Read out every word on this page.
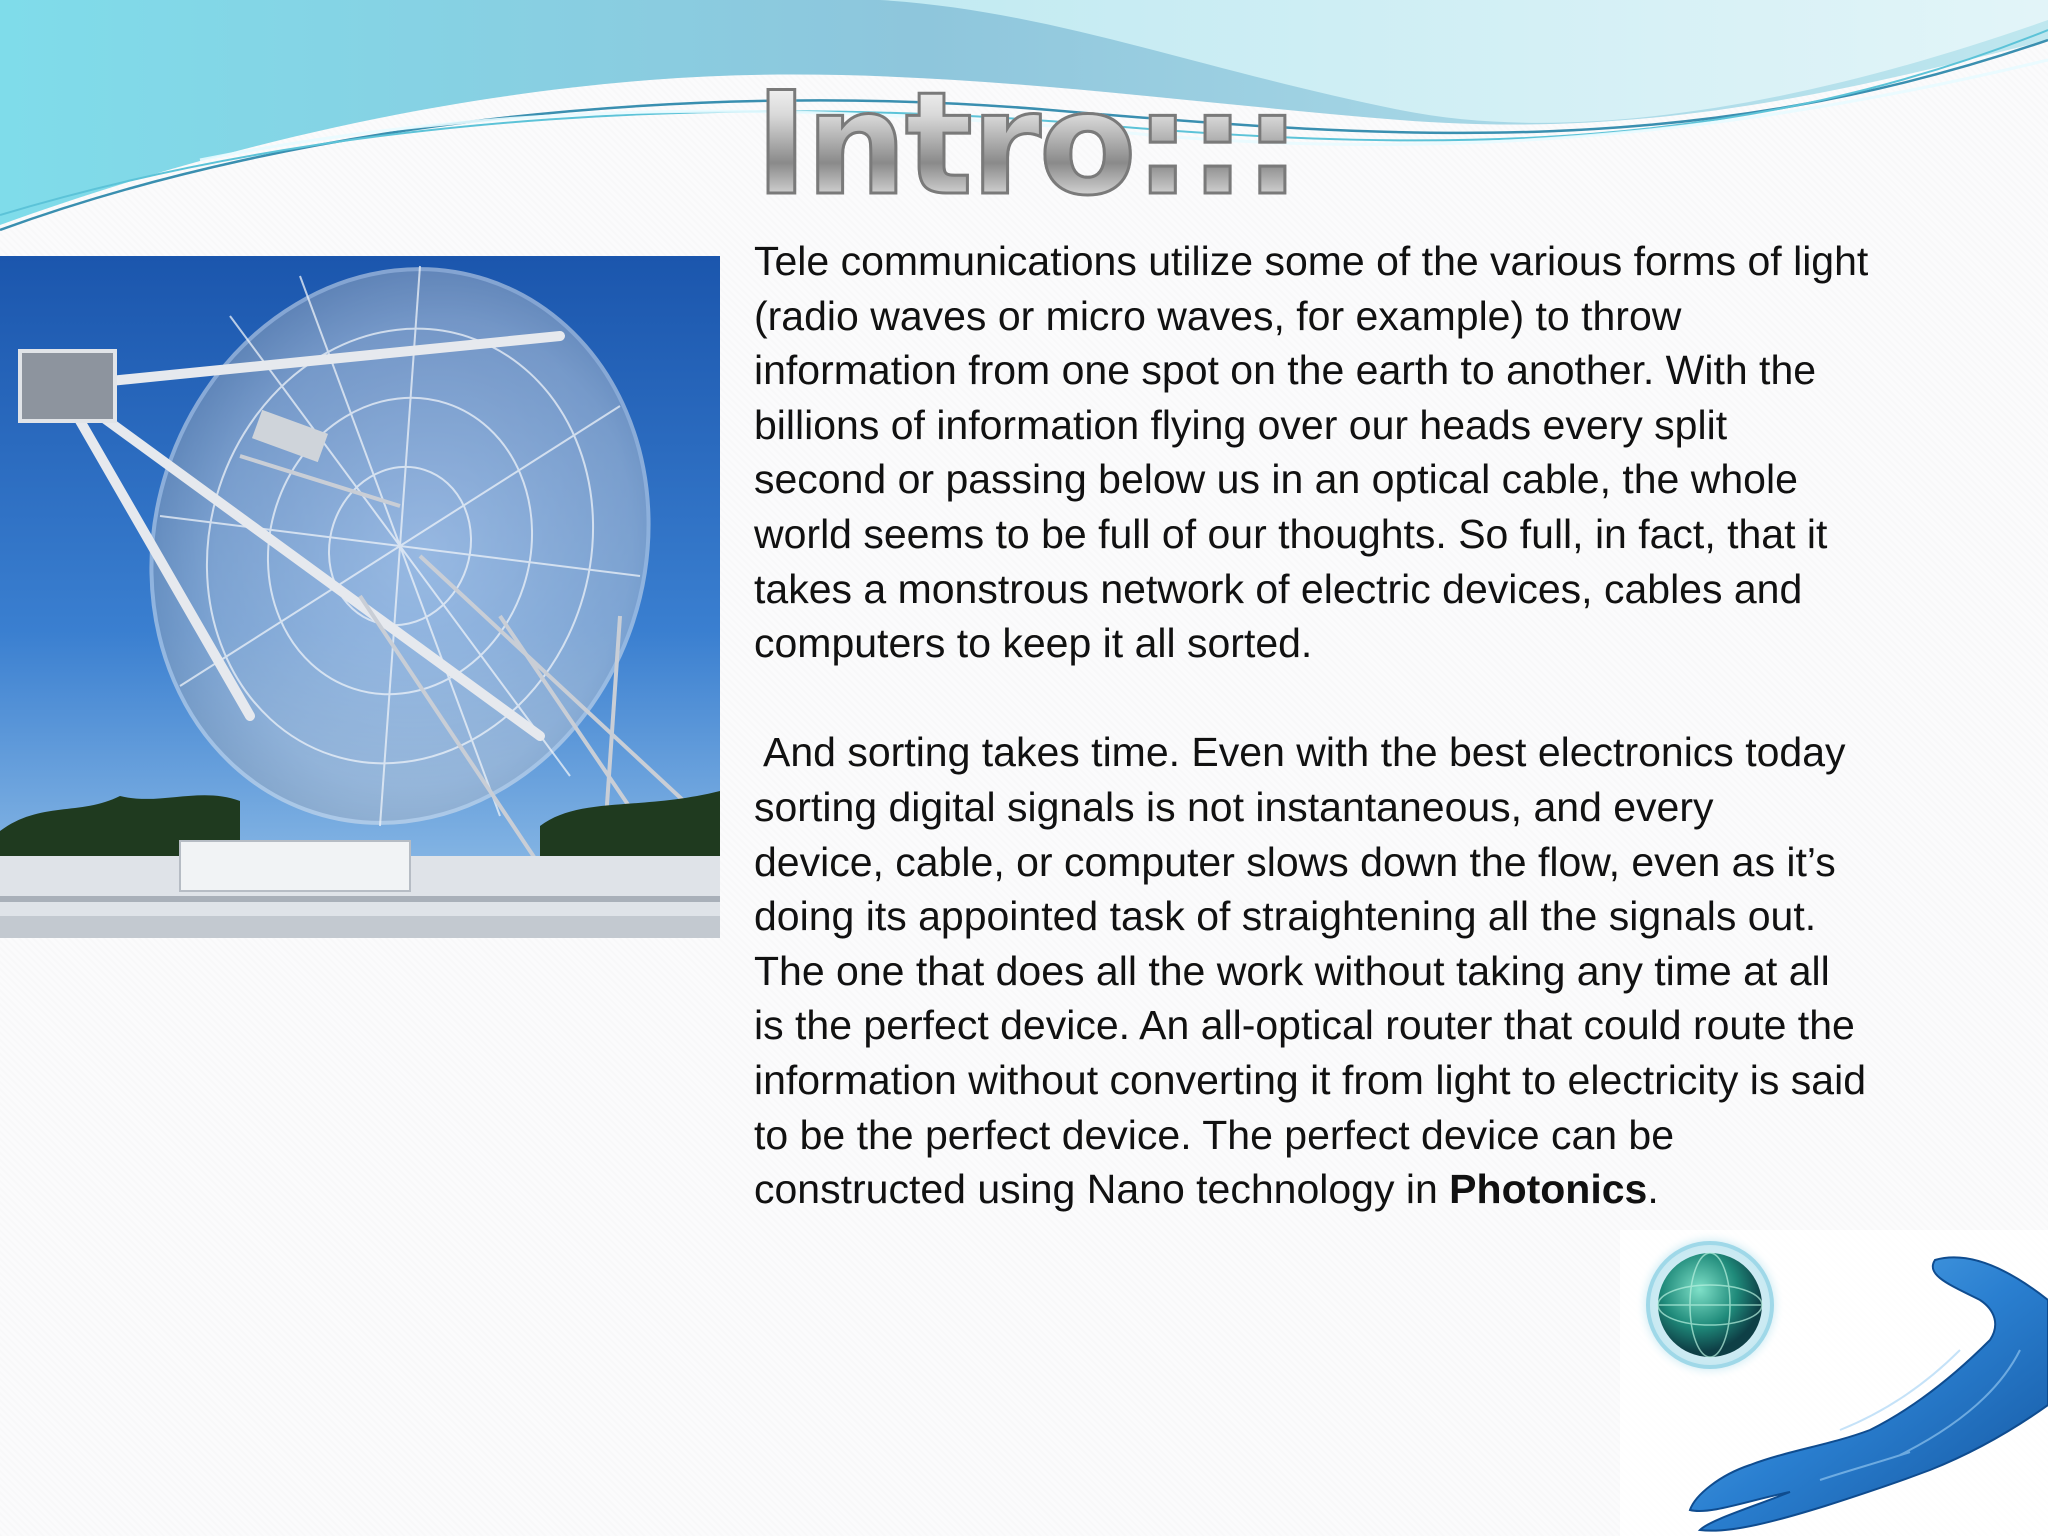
Intro:::

Tele communications utilize some of the various forms of light
(radio waves or micro waves, for example) to throw
information from one spot on the earth to another. With the
billions of information flying over our heads every split
second or passing below us in an optical cable, the whole
world seems to be full of our thoughts. So full, in fact, that it
takes a monstrous network of electric devices, cables and
computers to keep it all sorted.

And sorting takes time. Even with the best electronics today
sorting digital signals is not instantaneous, and every
device, cable, or computer slows down the flow, even as it’s
doing its appointed task of straightening all the signals out.
The one that does all the work without taking any time at all
is the perfect device. An all-optical router that could route the
information without converting it from light to electricity is said
to be the perfect device. The perfect device can be
constructed using Nano technology in Photonics.
